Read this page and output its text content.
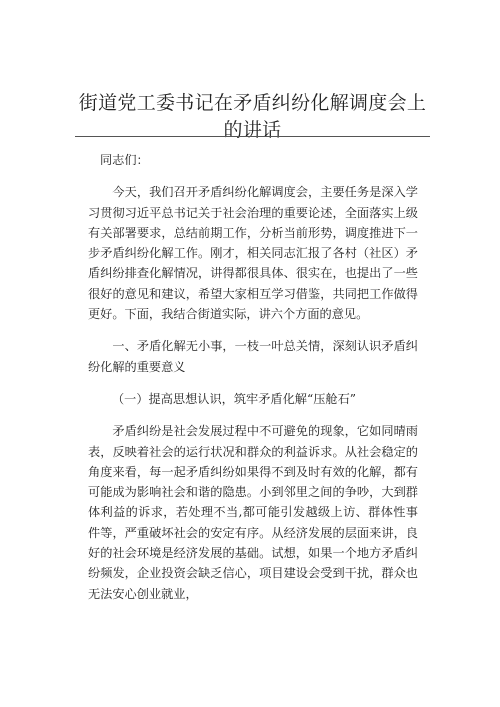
街道党工委书记在矛盾纠纷化解调度会上的讲话

同志们：

今天，我们召开矛盾纠纷化解调度会，主要任务是深入学习贯彻习近平总书记关于社会治理的重要论述，全面落实上级有关部署要求，总结前期工作，分析当前形势，调度推进下一步矛盾纠纷化解工作。刚才，相关同志汇报了各村（社区）矛盾纠纷排查化解情况，讲得都很具体、很实在，也提出了一些很好的意见和建议，希望大家相互学习借鉴，共同把工作做得更好。下面，我结合街道实际，讲六个方面的意见。

一、矛盾化解无小事，一枝一叶总关情，深刻认识矛盾纠纷化解的重要意义

（一）提高思想认识，筑牢矛盾化解“压舱石”

矛盾纠纷是社会发展过程中不可避免的现象，它如同晴雨表，反映着社会的运行状况和群众的利益诉求。从社会稳定的角度来看，每一起矛盾纠纷如果得不到及时有效的化解，都有可能成为影响社会和谐的隐患。小到邻里之间的争吵，大到群体利益的诉求，若处理不当,都可能引发越级上访、群体性事件等，严重破坏社会的安定有序。从经济发展的层面来讲，良好的社会环境是经济发展的基础。试想，如果一个地方矛盾纠纷频发，企业投资会缺乏信心，项目建设会受到干扰，群众也无法安心创业就业，
